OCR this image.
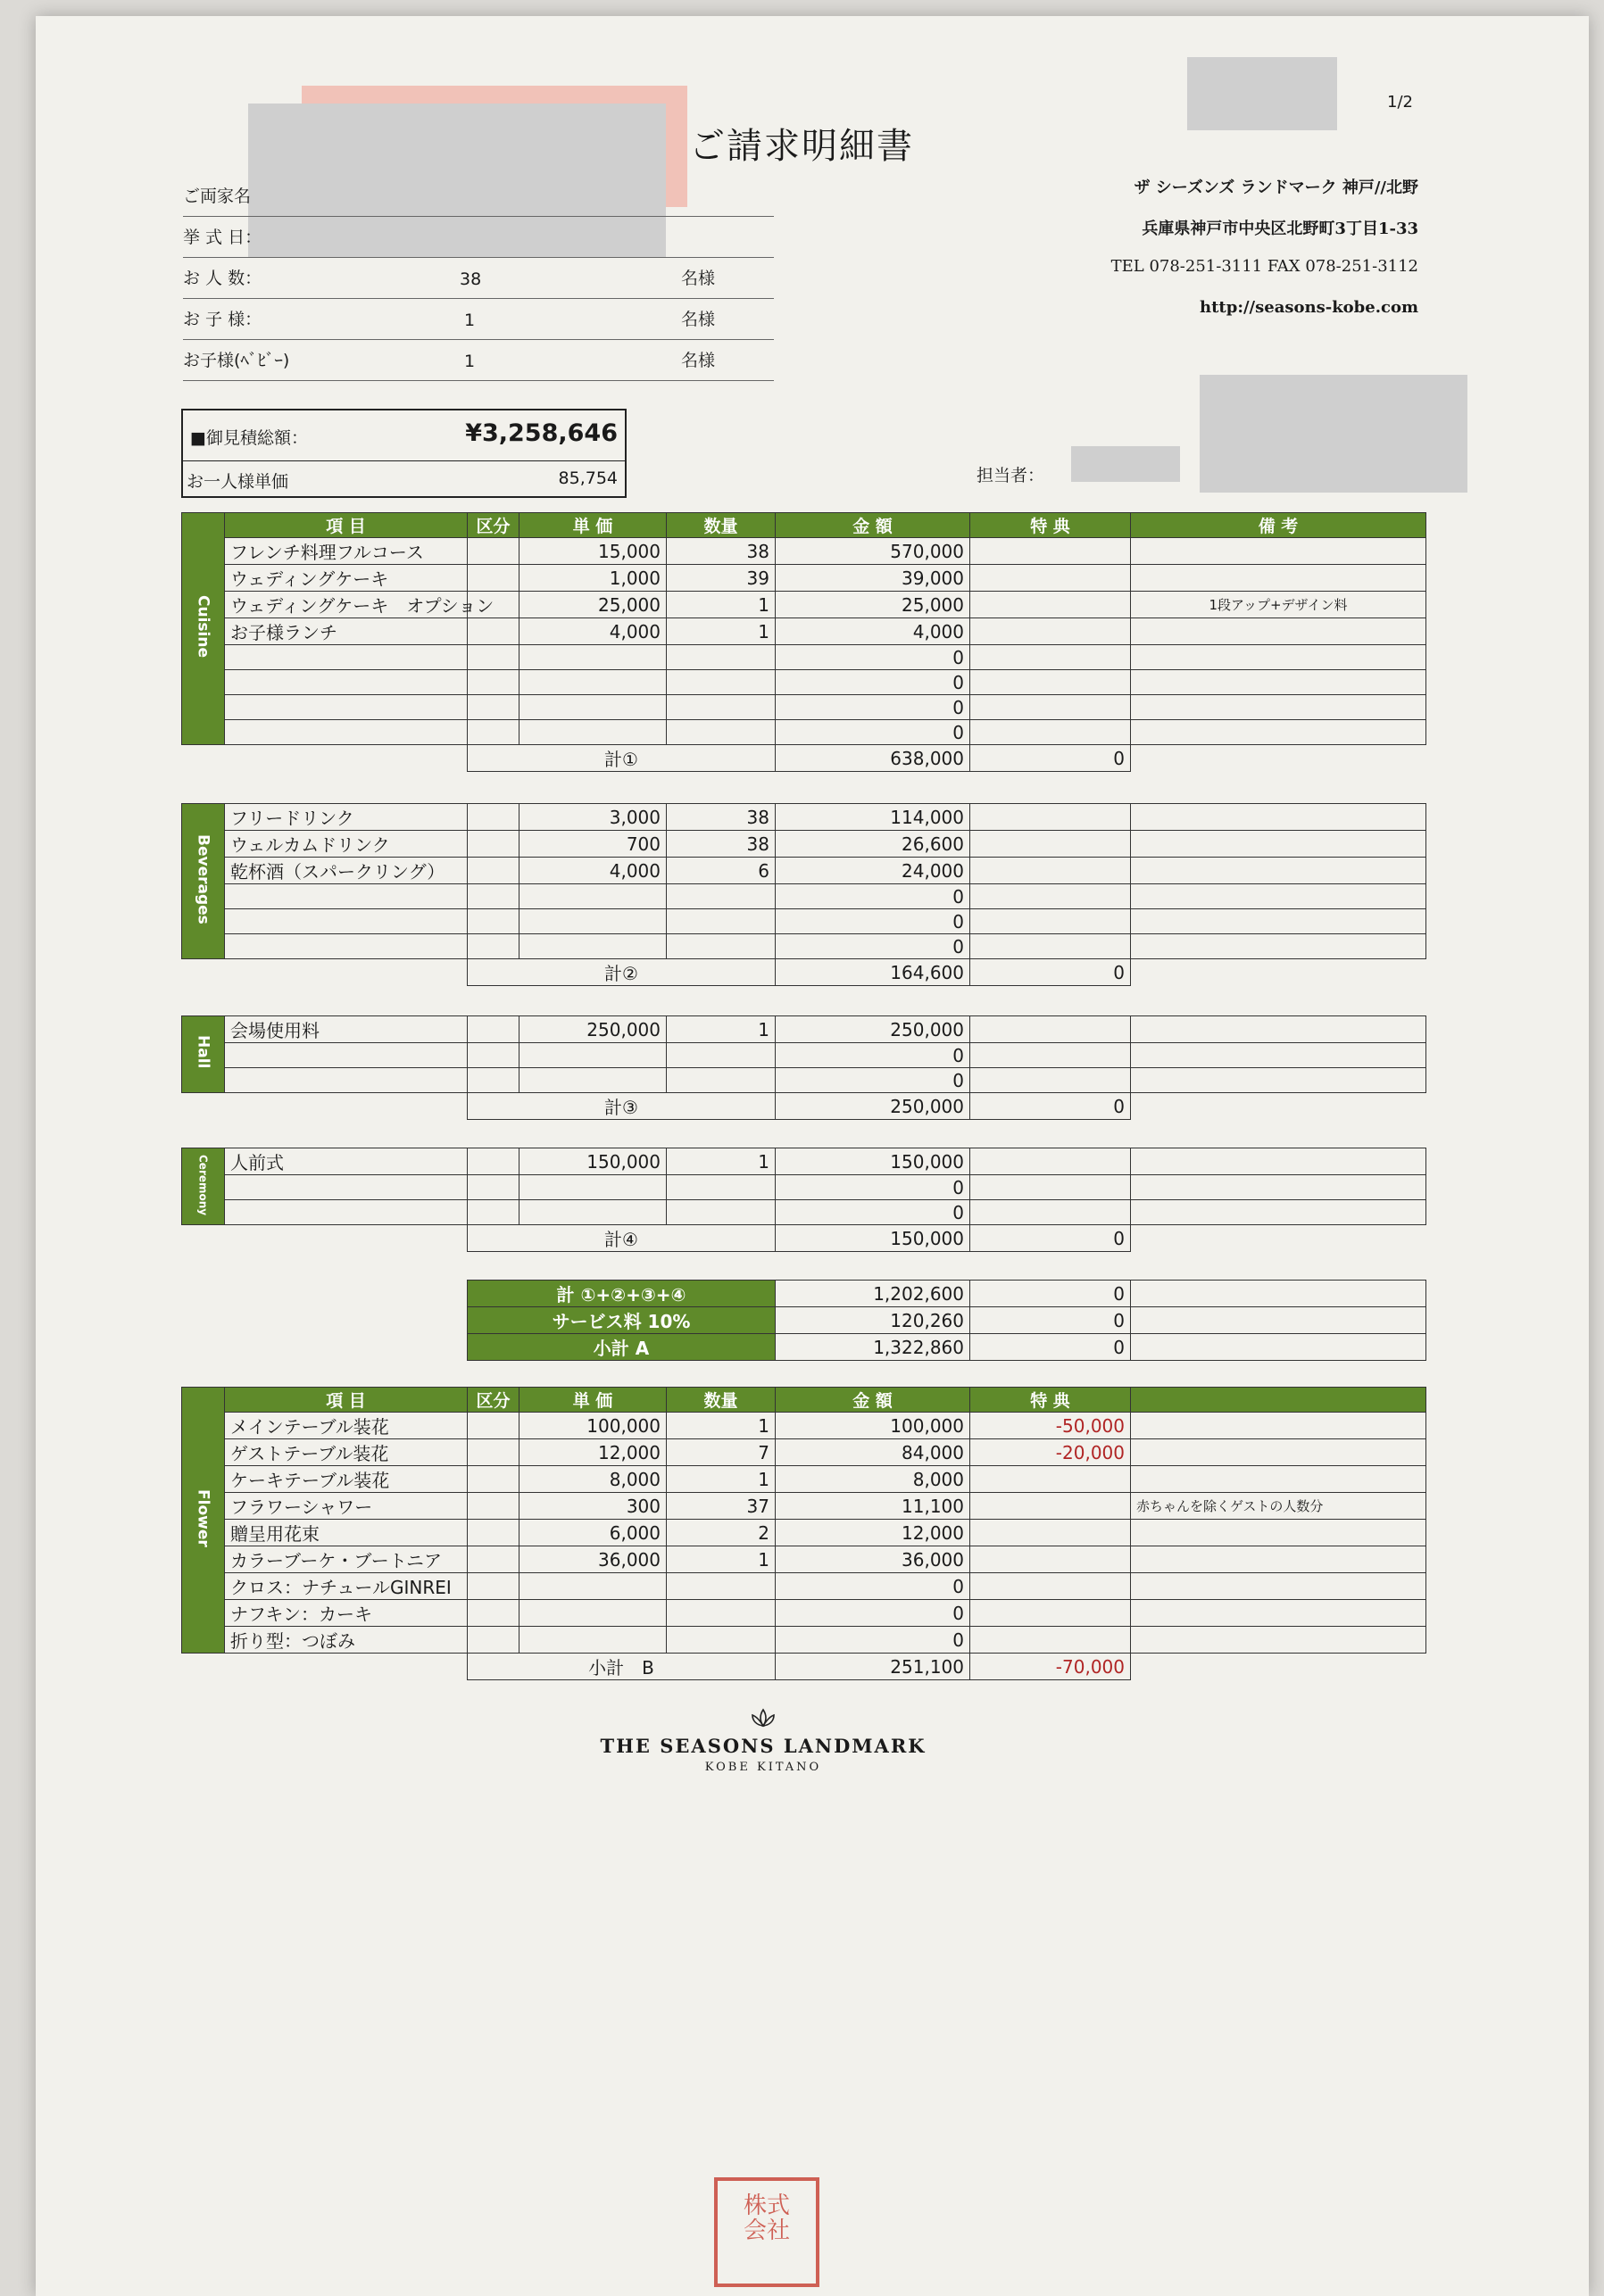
1/2
ご請求明細書
ザ シーズンズ ランドマーク 神戸//北野
兵庫県神戸市中央区北野町3丁目1-33
TEL 078-251-3111 FAX 078-251-3112
http://seasons-kobe.com
ご両家名
挙 式 日：
お 人 数：	38	名様
お 子 様：	1	名様
お子様(ﾍﾞﾋﾞｰ)	1	名様
■御見積総額：	¥3,258,646
お一人様単価	85,754	担当者：
Cuisine	項 目	区分	単 価	数量	金 額	特 典	備 考
	フレンチ料理フルコース		15,000	38	570,000		
	ウェディングケーキ		1,000	39	39,000		
	ウェディングケーキ　オプション		25,000	1	25,000		1段アップ+デザイン料
	お子様ランチ		4,000	1	4,000		
					0		
					0		
					0		
					0		
		計①			638,000	0	
Beverages	フリードリンク		3,000	38	114,000		
	ウェルカムドリンク		700	38	26,600		
	乾杯酒（スパークリング）		4,000	6	24,000		
					0		
					0		
					0		
		計②			164,600	0	
Hall	会場使用料		250,000	1	250,000		
					0		
					0		
		計③			250,000	0	
Ceremony	人前式		150,000	1	150,000		
					0		
					0		
		計④			150,000	0	
計 ①+②+③+④	1,202,600	0	
サービス料 10%	120,260	0	
小計 A	1,322,860	0	
Flower	項 目	区分	単 価	数量	金 額	特 典	
	メインテーブル装花		100,000	1	100,000	-50,000	
	ゲストテーブル装花		12,000	7	84,000	-20,000	
	ケーキテーブル装花		8,000	1	8,000		
	フラワーシャワー		300	37	11,100		赤ちゃんを除くゲストの人数分
	贈呈用花束		6,000	2	12,000		
	カラーブーケ・ブートニア		36,000	1	36,000		
	クロス：ナチュールGINREI				0		
	ナフキン：カーキ				0		
	折り型：つぼみ				0		
		小計　B			251,100	-70,000	
THE SEASONS LANDMARK
KOBE KITANO
株式
会社
